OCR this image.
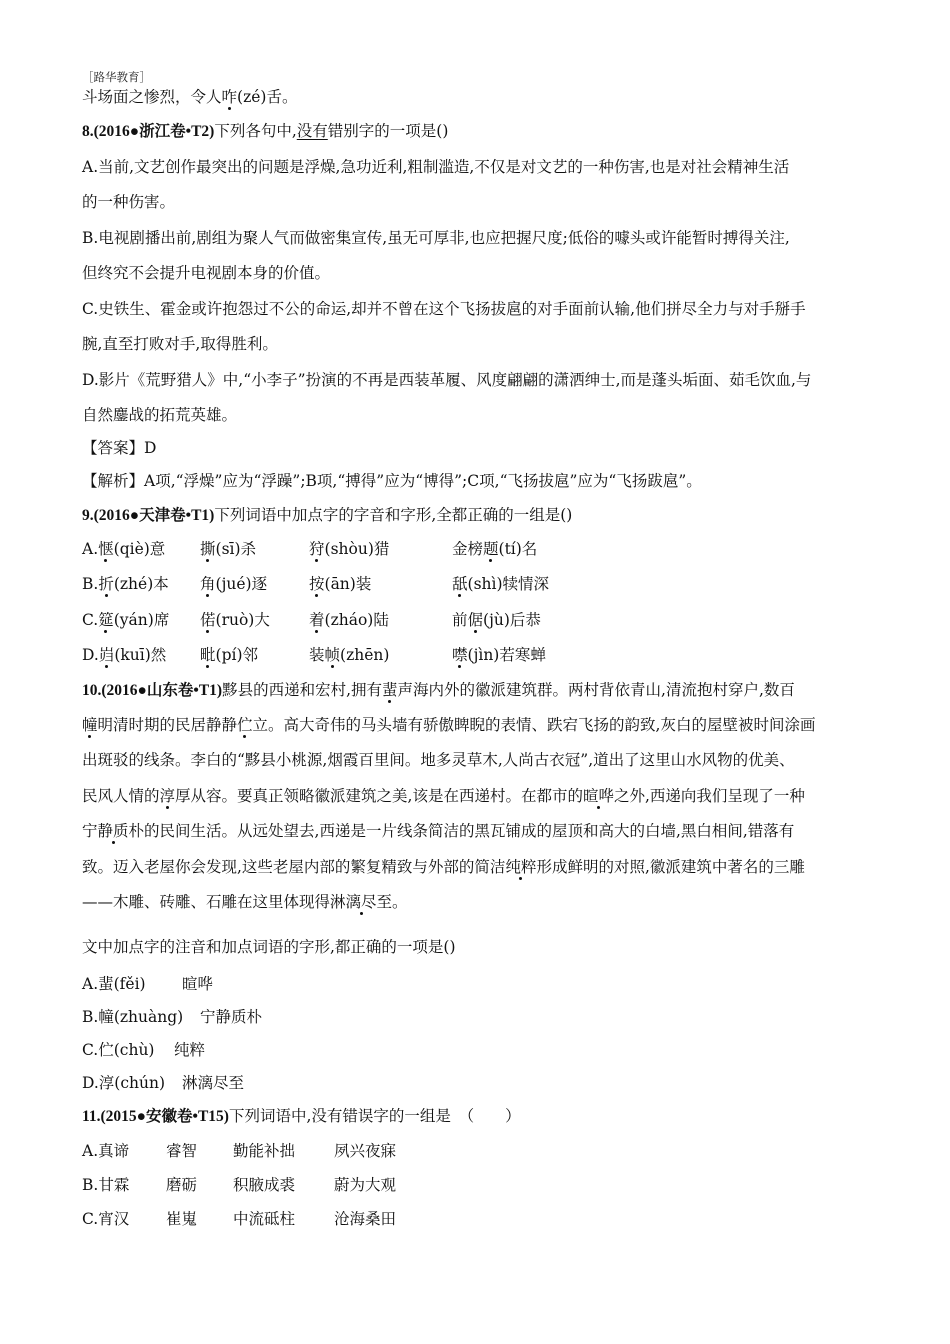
［路华教育］
斗场面之惨烈，令人咋(zé)舌。
8.(2016●浙江卷•T2)下列各句中,没有错别字的一项是()
A.当前,文艺创作最突出的问题是浮燥,急功近利,粗制滥造,不仅是对文艺的一种伤害,也是对社会精神生活
的一种伤害。
B.电视剧播出前,剧组为聚人气而做密集宣传,虽无可厚非,也应把握尺度;低俗的噱头或许能暂时搏得关注,
但终究不会提升电视剧本身的价值。
C.史铁生、霍金或许抱怨过不公的命运,却并不曾在这个飞扬拔扈的对手面前认输,他们拼尽全力与对手掰手
腕,直至打败对手,取得胜利。
D.影片《荒野猎人》中,“小李子”扮演的不再是西装革履、风度翩翩的潇洒绅士,而是蓬头垢面、茹毛饮血,与
自然鏖战的拓荒英雄。
【答案】D
【解析】A项,“浮燥”应为“浮躁”;B项,“搏得”应为“博得”;C项,“飞扬拔扈”应为“飞扬跋扈”。
9.(2016●天津卷•T1)下列词语中加点字的字音和字形,全都正确的一组是()
A.惬(qiè)意 撕(sī)杀	狩(shòu)猎	金榜题(tí)名
B.折(zhé)本 角(jué)逐	按(ān)装	舐(shì)犊情深
C.筵(yán)席 偌(ruò)大	着(zháo)陆	前倨(jù)后恭
D.岿(kuī)然 毗(pí)邻	装帧(zhēn)	噤(jìn)若寒蝉
10.(2016●山东卷•T1)黟县的西递和宏村,拥有蜚声海内外的徽派建筑群。两村背依青山,清流抱村穿户,数百
幢明清时期的民居静静伫立。高大奇伟的马头墙有骄傲睥睨的表情、跌宕飞扬的韵致,灰白的屋壁被时间涂画
出斑驳的线条。李白的“黟县小桃源,烟霞百里间。地多灵草木,人尚古衣冠”,道出了这里山水风物的优美、
民风人情的淳厚从容。要真正领略徽派建筑之美,该是在西递村。在都市的暄哗之外,西递向我们呈现了一种
宁静质朴的民间生活。从远处望去,西递是一片线条简洁的黑瓦铺成的屋顶和高大的白墙,黑白相间,错落有
致。迈入老屋你会发现,这些老屋内部的繁复精致与外部的简洁纯粹形成鲜明的对照,徽派建筑中著名的三雕
——木雕、砖雕、石雕在这里体现得淋漓尽至。
文中加点字的注音和加点词语的字形,都正确的一项是()
A.蜚(fěi) 暄哗
B.幢(zhuàng) 宁静质朴
C.伫(chù) 纯粹
D.淳(chún) 淋漓尽至
11.(2015●安徽卷•T15)下列词语中,没有错误字的一组是　（　　）
A.真谛 睿智 勤能补拙	夙兴夜寐
B.甘霖 磨砺 积腋成裘	蔚为大观
C.宵汉 崔嵬 中流砥柱	沧海桑田
